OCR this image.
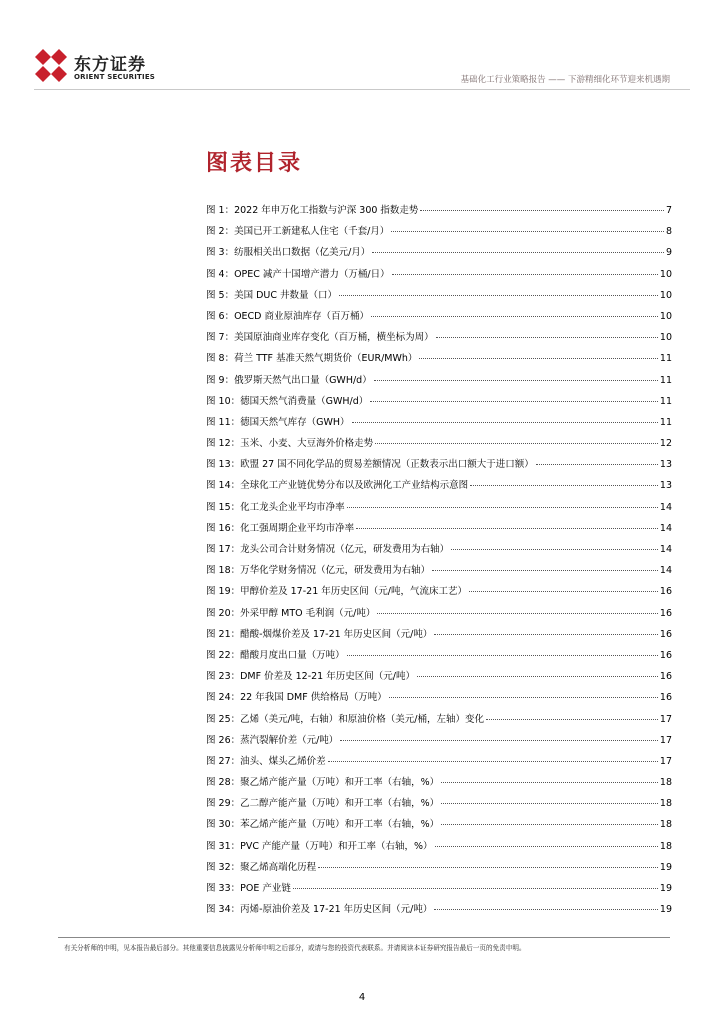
东方证券
ORIENT SECURITIES	基础化工行业策略报告 —— 下游精细化环节迎来机遇期
图表目录
图 1：2022 年申万化工指数与沪深 300 指数走势	7
图 2：美国已开工新建私人住宅（千套/月）	8
图 3：纺服相关出口数据（亿美元/月）	9
图 4：OPEC 减产十国增产潜力（万桶/日）	10
图 5：美国 DUC 井数量（口）	10
图 6：OECD 商业原油库存（百万桶）	10
图 7：美国原油商业库存变化（百万桶，横坐标为周）	10
图 8：荷兰 TTF 基准天然气期货价（EUR/MWh）	11
图 9：俄罗斯天然气出口量（GWH/d）	11
图 10：德国天然气消费量（GWH/d）	11
图 11：德国天然气库存（GWH）	11
图 12：玉米、小麦、大豆海外价格走势	12
图 13：欧盟 27 国不同化学品的贸易差额情况（正数表示出口额大于进口额）	13
图 14：全球化工产业链优势分布以及欧洲化工产业结构示意图	13
图 15：化工龙头企业平均市净率	14
图 16：化工强周期企业平均市净率	14
图 17：龙头公司合计财务情况（亿元，研发费用为右轴）	14
图 18：万华化学财务情况（亿元，研发费用为右轴）	14
图 19：甲醇价差及 17-21 年历史区间（元/吨，气流床工艺）	16
图 20：外采甲醇 MTO 毛利润（元/吨）	16
图 21：醋酸-烟煤价差及 17-21 年历史区间（元/吨）	16
图 22：醋酸月度出口量（万吨）	16
图 23：DMF 价差及 12-21 年历史区间（元/吨）	16
图 24：22 年我国 DMF 供给格局（万吨）	16
图 25：乙烯（美元/吨，右轴）和原油价格（美元/桶，左轴）变化	17
图 26：蒸汽裂解价差（元/吨）	17
图 27：油头、煤头乙烯价差	17
图 28：聚乙烯产能产量（万吨）和开工率（右轴，%）	18
图 29：乙二醇产能产量（万吨）和开工率（右轴，%）	18
图 30：苯乙烯产能产量（万吨）和开工率（右轴，%）	18
图 31：PVC 产能产量（万吨）和开工率（右轴，%）	18
图 32：聚乙烯高端化历程	19
图 33：POE 产业链	19
图 34：丙烯-原油价差及 17-21 年历史区间（元/吨）	19
有关分析师的申明，见本报告最后部分。其他重要信息披露见分析师申明之后部分，或请与您的投资代表联系。并请阅读本证券研究报告最后一页的免责申明。
4
